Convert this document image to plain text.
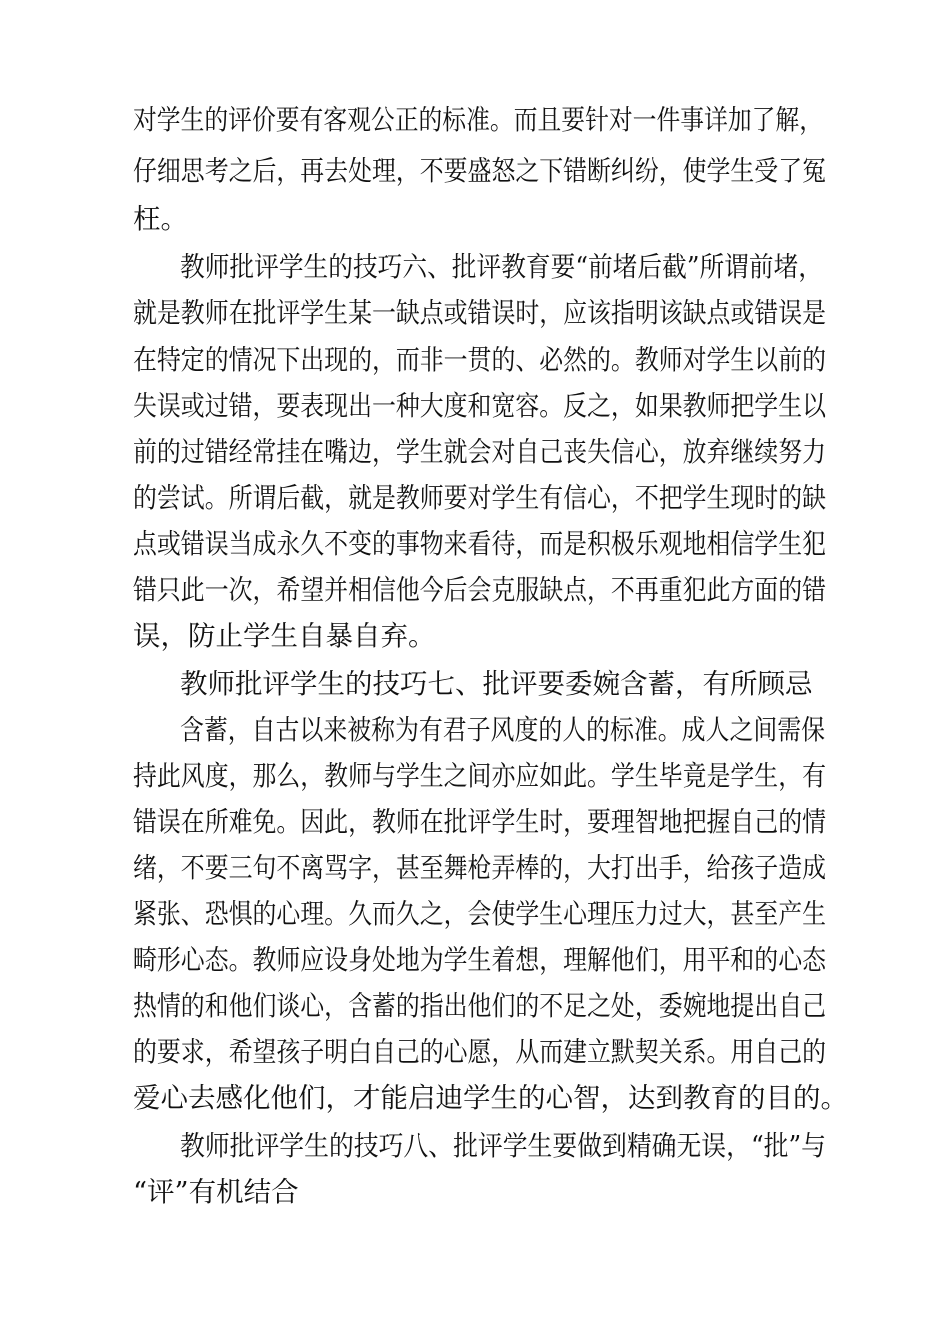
对学生的评价要有客观公正的标准。而且要针对一件事详加了解，
仔细思考之后，再去处理，不要盛怒之下错断纠纷，使学生受了冤
枉。
教师批评学生的技巧六、批评教育要“前堵后截”所谓前堵，
就是教师在批评学生某一缺点或错误时，应该指明该缺点或错误是
在特定的情况下出现的，而非一贯的、必然的。教师对学生以前的
失误或过错，要表现出一种大度和宽容。反之，如果教师把学生以
前的过错经常挂在嘴边，学生就会对自己丧失信心，放弃继续努力
的尝试。所谓后截，就是教师要对学生有信心，不把学生现时的缺
点或错误当成永久不变的事物来看待，而是积极乐观地相信学生犯
错只此一次，希望并相信他今后会克服缺点，不再重犯此方面的错
误，防止学生自暴自弃。
教师批评学生的技巧七、批评要委婉含蓄，有所顾忌
含蓄，自古以来被称为有君子风度的人的标准。成人之间需保
持此风度，那么，教师与学生之间亦应如此。学生毕竟是学生，有
错误在所难免。因此，教师在批评学生时，要理智地把握自己的情
绪，不要三句不离骂字，甚至舞枪弄棒的，大打出手，给孩子造成
紧张、恐惧的心理。久而久之，会使学生心理压力过大，甚至产生
畸形心态。教师应设身处地为学生着想，理解他们，用平和的心态
热情的和他们谈心，含蓄的指出他们的不足之处，委婉地提出自己
的要求，希望孩子明白自己的心愿，从而建立默契关系。用自己的
爱心去感化他们，才能启迪学生的心智，达到教育的目的。
教师批评学生的技巧八、批评学生要做到精确无误，“批”与
“评”有机结合
